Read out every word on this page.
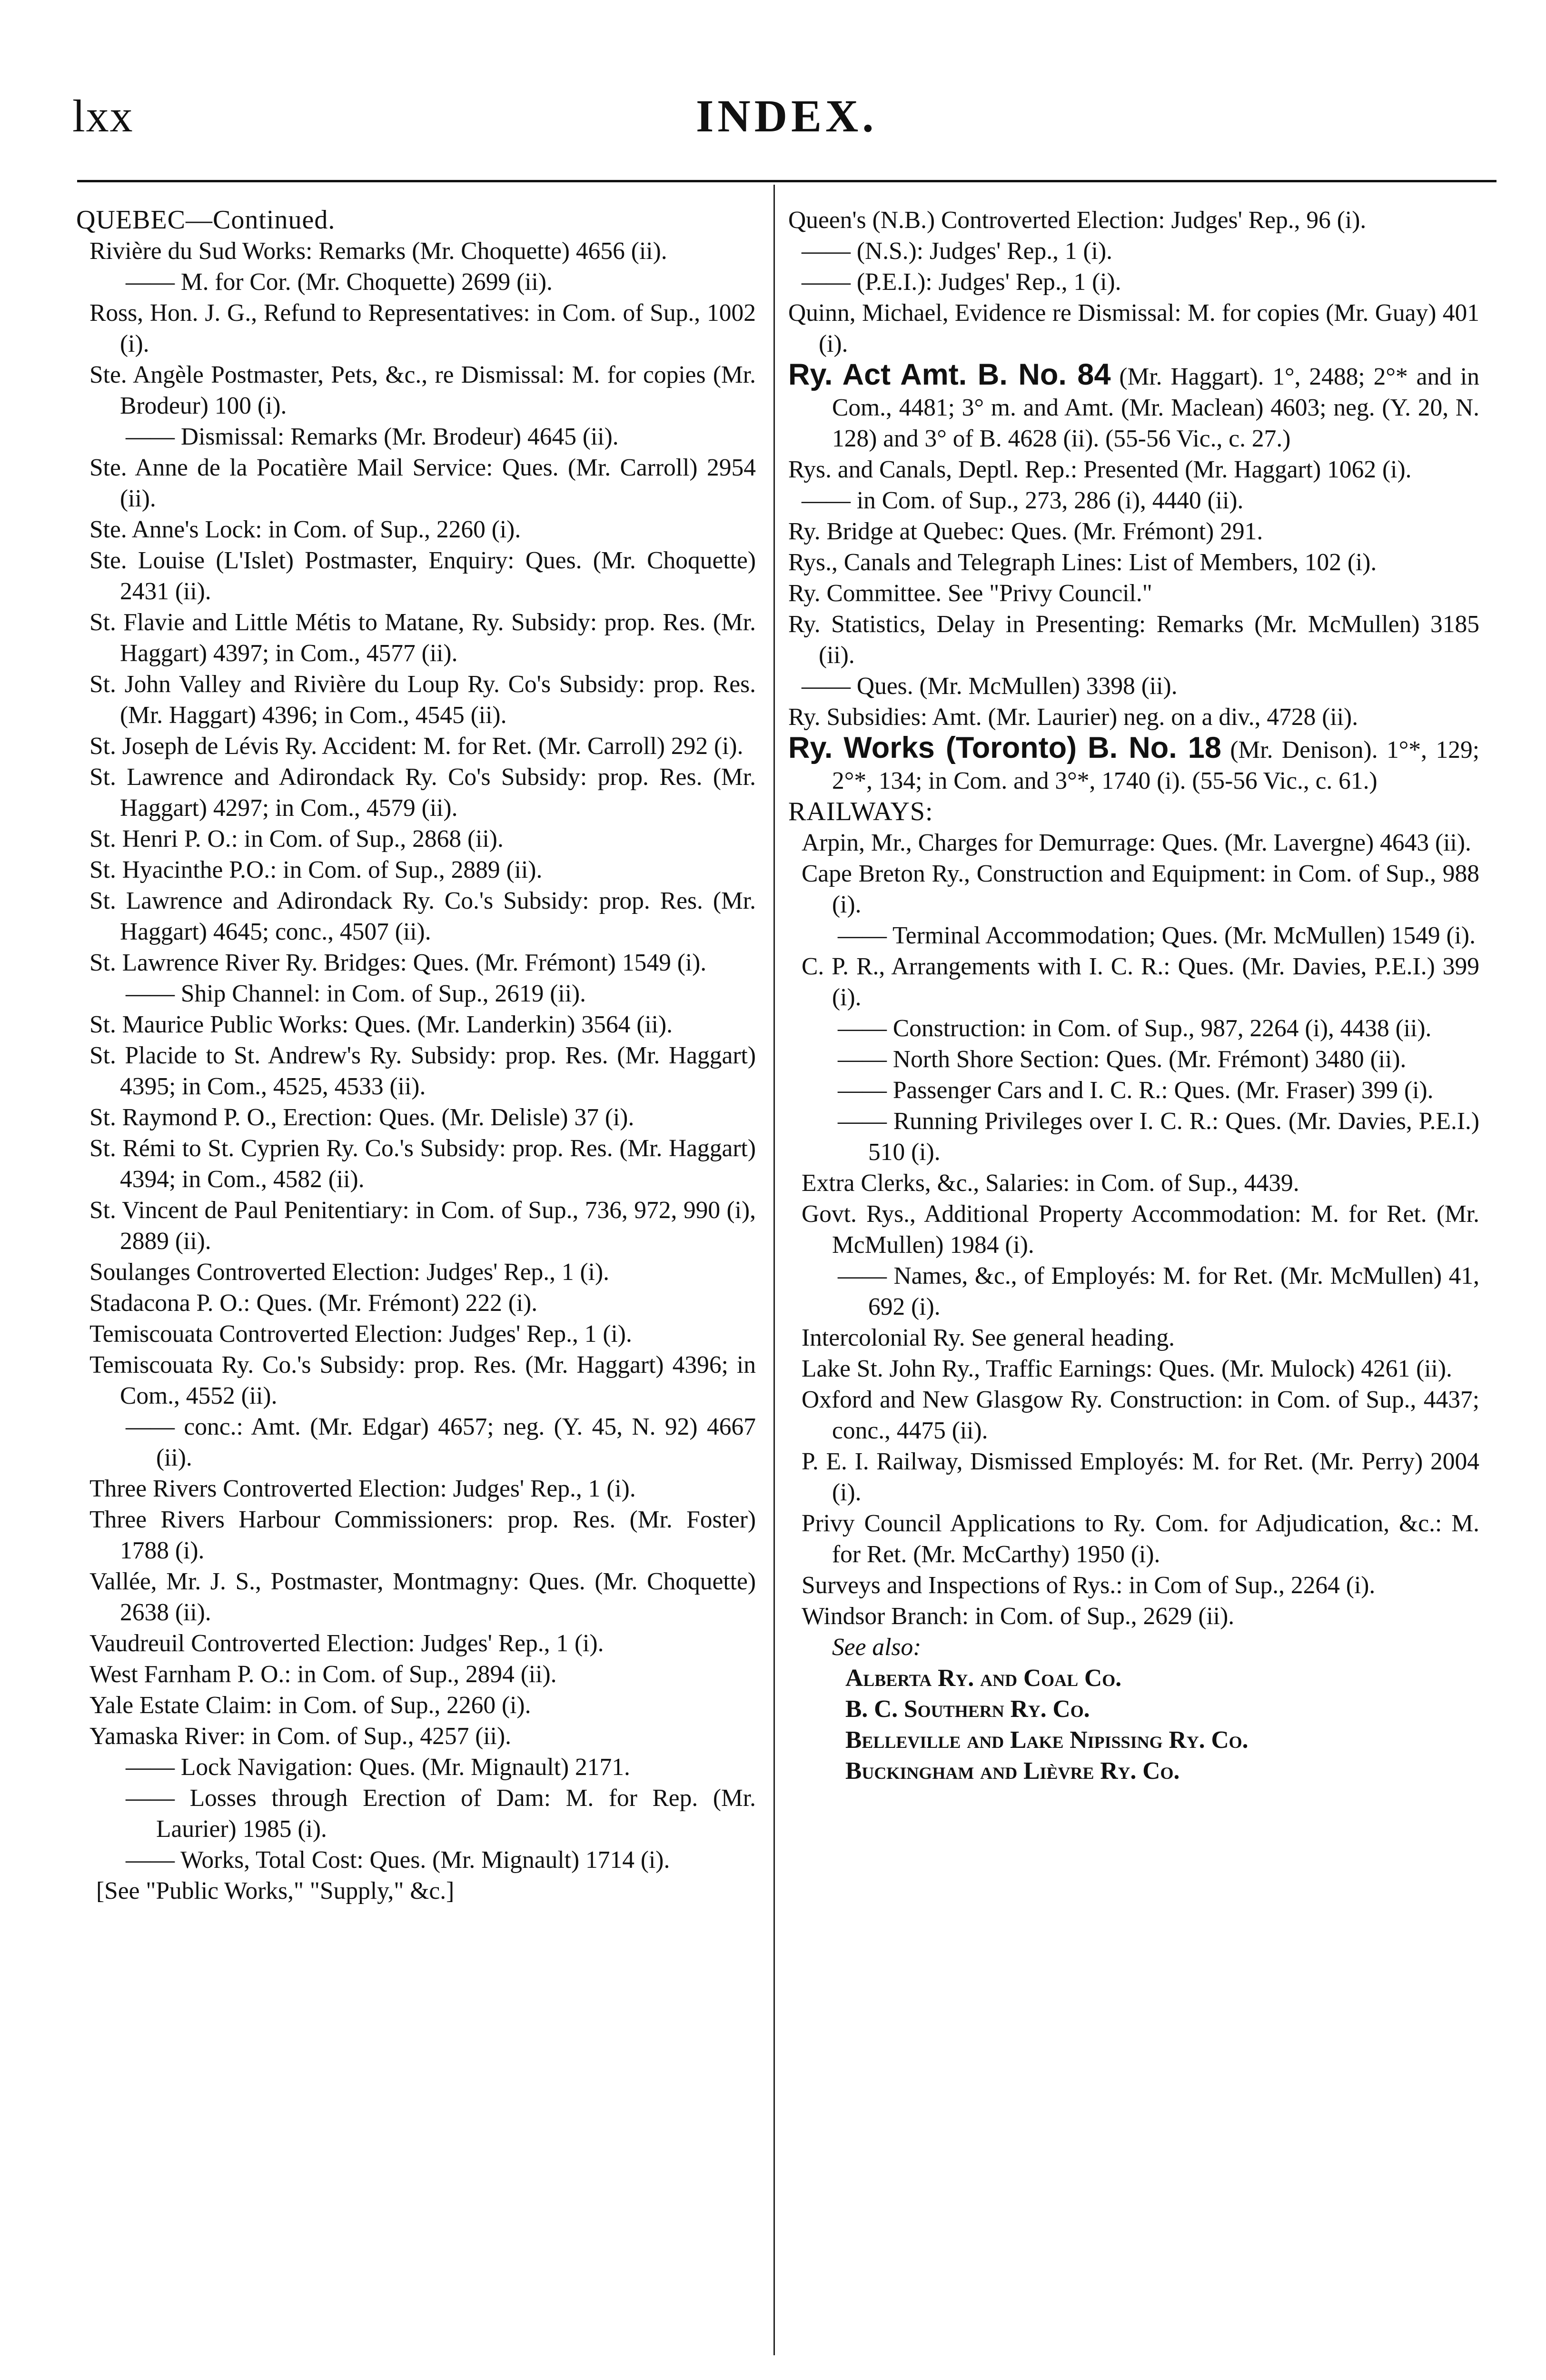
lxx	INDEX.

QUEBEC—Continued.

Rivière du Sud Works: Remarks (Mr. Choquette) 4656 (ii).

—— M. for Cor. (Mr. Choquette) 2699 (ii).

Ross, Hon. J. G., Refund to Representatives: in Com. of Sup., 1002 (i).

Ste. Angèle Postmaster, Pets, &c., re Dismissal: M. for copies (Mr. Brodeur) 100 (i).

—— Dismissal: Remarks (Mr. Brodeur) 4645 (ii).

Ste. Anne de la Pocatière Mail Service: Ques. (Mr. Carroll) 2954 (ii).

Ste. Anne's Lock: in Com. of Sup., 2260 (i).

Ste. Louise (L'Islet) Postmaster, Enquiry: Ques. (Mr. Choquette) 2431 (ii).

St. Flavie and Little Métis to Matane, Ry. Subsidy: prop. Res. (Mr. Haggart) 4397; in Com., 4577 (ii).

St. John Valley and Rivière du Loup Ry. Co's Subsidy: prop. Res. (Mr. Haggart) 4396; in Com., 4545 (ii).

St. Joseph de Lévis Ry. Accident: M. for Ret. (Mr. Carroll) 292 (i).

St. Lawrence and Adirondack Ry. Co's Subsidy: prop. Res. (Mr. Haggart) 4297; in Com., 4579 (ii).

St. Henri P. O.: in Com. of Sup., 2868 (ii).

St. Hyacinthe P.O.: in Com. of Sup., 2889 (ii).

St. Lawrence and Adirondack Ry. Co.'s Subsidy: prop. Res. (Mr. Haggart) 4645; conc., 4507 (ii).

St. Lawrence River Ry. Bridges: Ques. (Mr. Frémont) 1549 (i).

—— Ship Channel: in Com. of Sup., 2619 (ii).

St. Maurice Public Works: Ques. (Mr. Landerkin) 3564 (ii).

St. Placide to St. Andrew's Ry. Subsidy: prop. Res. (Mr. Haggart) 4395; in Com., 4525, 4533 (ii).

St. Raymond P. O., Erection: Ques. (Mr. Delisle) 37 (i).

St. Rémi to St. Cyprien Ry. Co.'s Subsidy: prop. Res. (Mr. Haggart) 4394; in Com., 4582 (ii).

St. Vincent de Paul Penitentiary: in Com. of Sup., 736, 972, 990 (i), 2889 (ii).

Soulanges Controverted Election: Judges' Rep., 1 (i).

Stadacona P. O.: Ques. (Mr. Frémont) 222 (i).

Temiscouata Controverted Election: Judges' Rep., 1 (i).

Temiscouata Ry. Co.'s Subsidy: prop. Res. (Mr. Haggart) 4396; in Com., 4552 (ii).

—— conc.: Amt. (Mr. Edgar) 4657; neg. (Y. 45, N. 92) 4667 (ii).

Three Rivers Controverted Election: Judges' Rep., 1 (i).

Three Rivers Harbour Commissioners: prop. Res. (Mr. Foster) 1788 (i).

Vallée, Mr. J. S., Postmaster, Montmagny: Ques. (Mr. Choquette) 2638 (ii).

Vaudreuil Controverted Election: Judges' Rep., 1 (i).

West Farnham P. O.: in Com. of Sup., 2894 (ii).

Yale Estate Claim: in Com. of Sup., 2260 (i).

Yamaska River: in Com. of Sup., 4257 (ii).

—— Lock Navigation: Ques. (Mr. Mignault) 2171.

—— Losses through Erection of Dam: M. for Rep. (Mr. Laurier) 1985 (i).

—— Works, Total Cost: Ques. (Mr. Mignault) 1714 (i).

[See "Public Works," "Supply," &c.]

Queen's (N.B.) Controverted Election: Judges' Rep., 96 (i).

—— (N.S.): Judges' Rep., 1 (i).

—— (P.E.I.): Judges' Rep., 1 (i).

Quinn, Michael, Evidence re Dismissal: M. for copies (Mr. Guay) 401 (i).

Ry. Act Amt. B. No. 84 (Mr. Haggart). 1°, 2488; 2°* and in Com., 4481; 3° m. and Amt. (Mr. Maclean) 4603; neg. (Y. 20, N. 128) and 3° of B. 4628 (ii). (55-56 Vic., c. 27.)

Rys. and Canals, Deptl. Rep.: Presented (Mr. Haggart) 1062 (i).

—— in Com. of Sup., 273, 286 (i), 4440 (ii).

Ry. Bridge at Quebec: Ques. (Mr. Frémont) 291.

Rys., Canals and Telegraph Lines: List of Members, 102 (i).

Ry. Committee. See "Privy Council."

Ry. Statistics, Delay in Presenting: Remarks (Mr. McMullen) 3185 (ii).

—— Ques. (Mr. McMullen) 3398 (ii).

Ry. Subsidies: Amt. (Mr. Laurier) neg. on a div., 4728 (ii).

Ry. Works (Toronto) B. No. 18 (Mr. Denison). 1°*, 129; 2°*, 134; in Com. and 3°*, 1740 (i). (55-56 Vic., c. 61.)

RAILWAYS:

Arpin, Mr., Charges for Demurrage: Ques. (Mr. Lavergne) 4643 (ii).

Cape Breton Ry., Construction and Equipment: in Com. of Sup., 988 (i).

—— Terminal Accommodation; Ques. (Mr. McMullen) 1549 (i).

C. P. R., Arrangements with I. C. R.: Ques. (Mr. Davies, P.E.I.) 399 (i).

—— Construction: in Com. of Sup., 987, 2264 (i), 4438 (ii).

—— North Shore Section: Ques. (Mr. Frémont) 3480 (ii).

—— Passenger Cars and I. C. R.: Ques. (Mr. Fraser) 399 (i).

—— Running Privileges over I. C. R.: Ques. (Mr. Davies, P.E.I.) 510 (i).

Extra Clerks, &c., Salaries: in Com. of Sup., 4439.

Govt. Rys., Additional Property Accommodation: M. for Ret. (Mr. McMullen) 1984 (i).

—— Names, &c., of Employés: M. for Ret. (Mr. McMullen) 41, 692 (i).

Intercolonial Ry. See general heading.

Lake St. John Ry., Traffic Earnings: Ques. (Mr. Mulock) 4261 (ii).

Oxford and New Glasgow Ry. Construction: in Com. of Sup., 4437; conc., 4475 (ii).

P. E. I. Railway, Dismissed Employés: M. for Ret. (Mr. Perry) 2004 (i).

Privy Council Applications to Ry. Com. for Adjudication, &c.: M. for Ret. (Mr. McCarthy) 1950 (i).

Surveys and Inspections of Rys.: in Com of Sup., 2264 (i).

Windsor Branch: in Com. of Sup., 2629 (ii).

See also:

Alberta Ry. and Coal Co.

B. C. Southern Ry. Co.

Belleville and Lake Nipissing Ry. Co.

Buckingham and Lièvre Ry. Co.
